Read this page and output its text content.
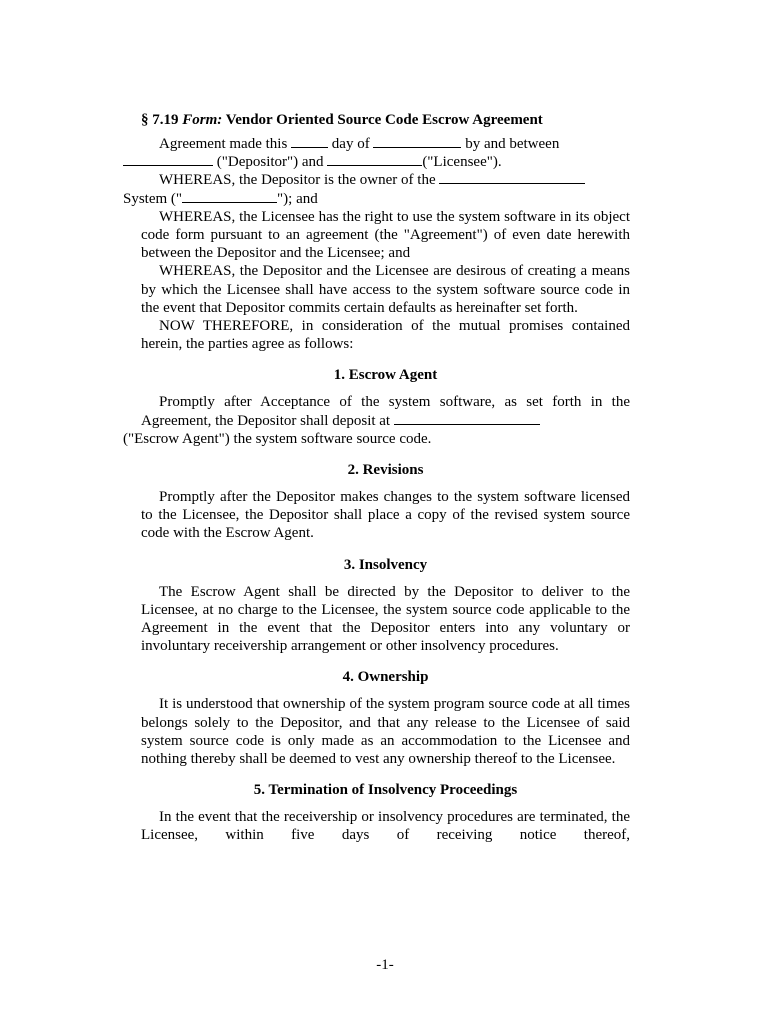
§ 7.19 Form: Vendor Oriented Source Code Escrow Agreement

Agreement made this  day of	by and between
("Depositor") and	("Licensee").

WHEREAS, the Depositor is the owner of the
System ("	"); and

WHEREAS, the Licensee has the right to use the system software in its object code form pursuant to an agreement (the "Agreement") of even date herewith between the Depositor and the Licensee; and

WHEREAS, the Depositor and the Licensee are desirous of creating a means by which the Licensee shall have access to the system software source code in the event that Depositor commits certain defaults as hereinafter set forth.

NOW THEREFORE, in consideration of the mutual promises contained herein, the parties agree as follows:

1. Escrow Agent

Promptly after Acceptance of the system software, as set forth in the Agreement, the Depositor shall deposit at
("Escrow Agent") the system software source code.

2. Revisions

Promptly after the Depositor makes changes to the system software licensed to the Licensee, the Depositor shall place a copy of the revised system source code with the Escrow Agent.

3. Insolvency

The Escrow Agent shall be directed by the Depositor to deliver to the Licensee, at no charge to the Licensee, the system source code applicable to the Agreement in the event that the Depositor enters into any voluntary or involuntary receivership arrangement or other insolvency procedures.

4. Ownership

It is understood that ownership of the system program source code at all times belongs solely to the Depositor, and that any release to the Licensee of said system source code is only made as an accommodation to the Licensee and nothing thereby shall be deemed to vest any ownership thereof to the Licensee.

5. Termination of Insolvency Proceedings

In the event that the receivership or insolvency procedures are terminated, the Licensee, within five days of receiving notice thereof,

-1-
